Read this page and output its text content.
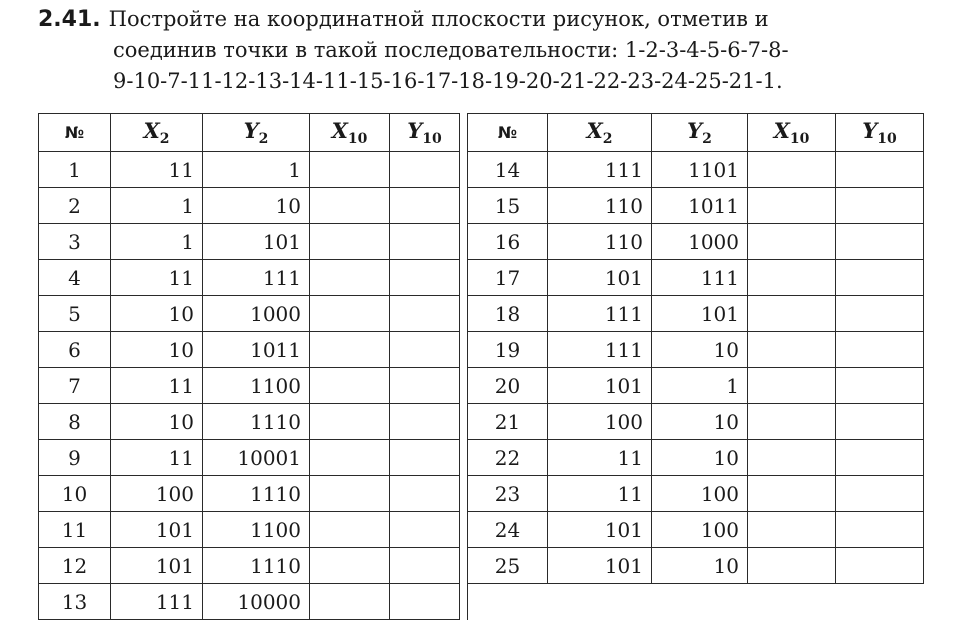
2.41. Постройте на координатной плоскости рисунок, отметив и
соединив точки в такой последовательности: 1-2-3-4-5-6-7-8-
9-10-7-11-12-13-14-11-15-16-17-18-19-20-21-22-23-24-25-21-1.
№	$X_2$	$Y_2$	$X_{10}$	$Y_{10}$		№	$X_2$	$Y_2$	$X_{10}$	$Y_{10}$
1	11	1				14	111	1101		
2	1	10				15	110	1011		
3	1	101				16	110	1000		
4	11	111				17	101	111		
5	10	1000				18	111	101		
6	10	1011				19	111	10		
7	11	1100				20	101	1		
8	10	1110				21	100	10		
9	11	10001				22	11	10		
10	100	1110				23	11	100		
11	101	1100				24	101	100		
12	101	1110				25	101	10		
13	111	10000								
